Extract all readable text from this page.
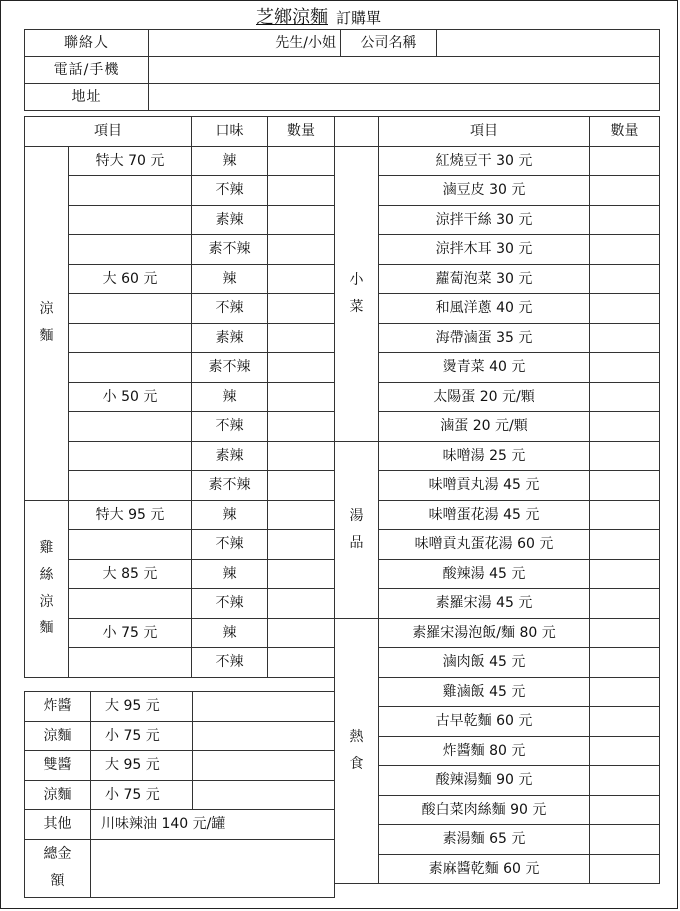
芝鄉涼麵 訂購單
聯絡人	先生/小姐	公司名稱	
電話/手機			
地址			
項目		口味	數量
涼
麵	特大 70 元	辣	
		不辣	
		素辣	
		素不辣	
	大 60 元	辣	
		不辣	
		素辣	
		素不辣	
	小 50 元	辣	
		不辣	
		素辣	
		素不辣	
雞
絲
涼
麵	特大 95 元	辣	
		不辣	
	大 85 元	辣	
		不辣	
	小 75 元	辣	
		不辣	
炸醬	大 95 元	
涼麵	小 75 元	
雙醬	大 95 元	
涼麵	小 75 元	
其他	川味辣油 140 元/罐	
總金
額		
	項目	數量
小
菜	紅燒豆干 30 元	
	滷豆皮 30 元	
	涼拌干絲 30 元	
	涼拌木耳 30 元	
	蘿蔔泡菜 30 元	
	和風洋蔥 40 元	
	海帶滷蛋 35 元	
	燙青菜 40 元	
	太陽蛋 20 元/顆	
	滷蛋 20 元/顆	
湯
品	味噌湯 25 元	
	味噌貢丸湯 45 元	
	味噌蛋花湯 45 元	
	味噌貢丸蛋花湯 60 元	
	酸辣湯 45 元	
	素羅宋湯 45 元	
熱
食	素羅宋湯泡飯/麵 80 元	
	滷肉飯 45 元	
	雞滷飯 45 元	
	古早乾麵 60 元	
	炸醬麵 80 元	
	酸辣湯麵 90 元	
	酸白菜肉絲麵 90 元	
	素湯麵 65 元	
	素麻醬乾麵 60 元	
